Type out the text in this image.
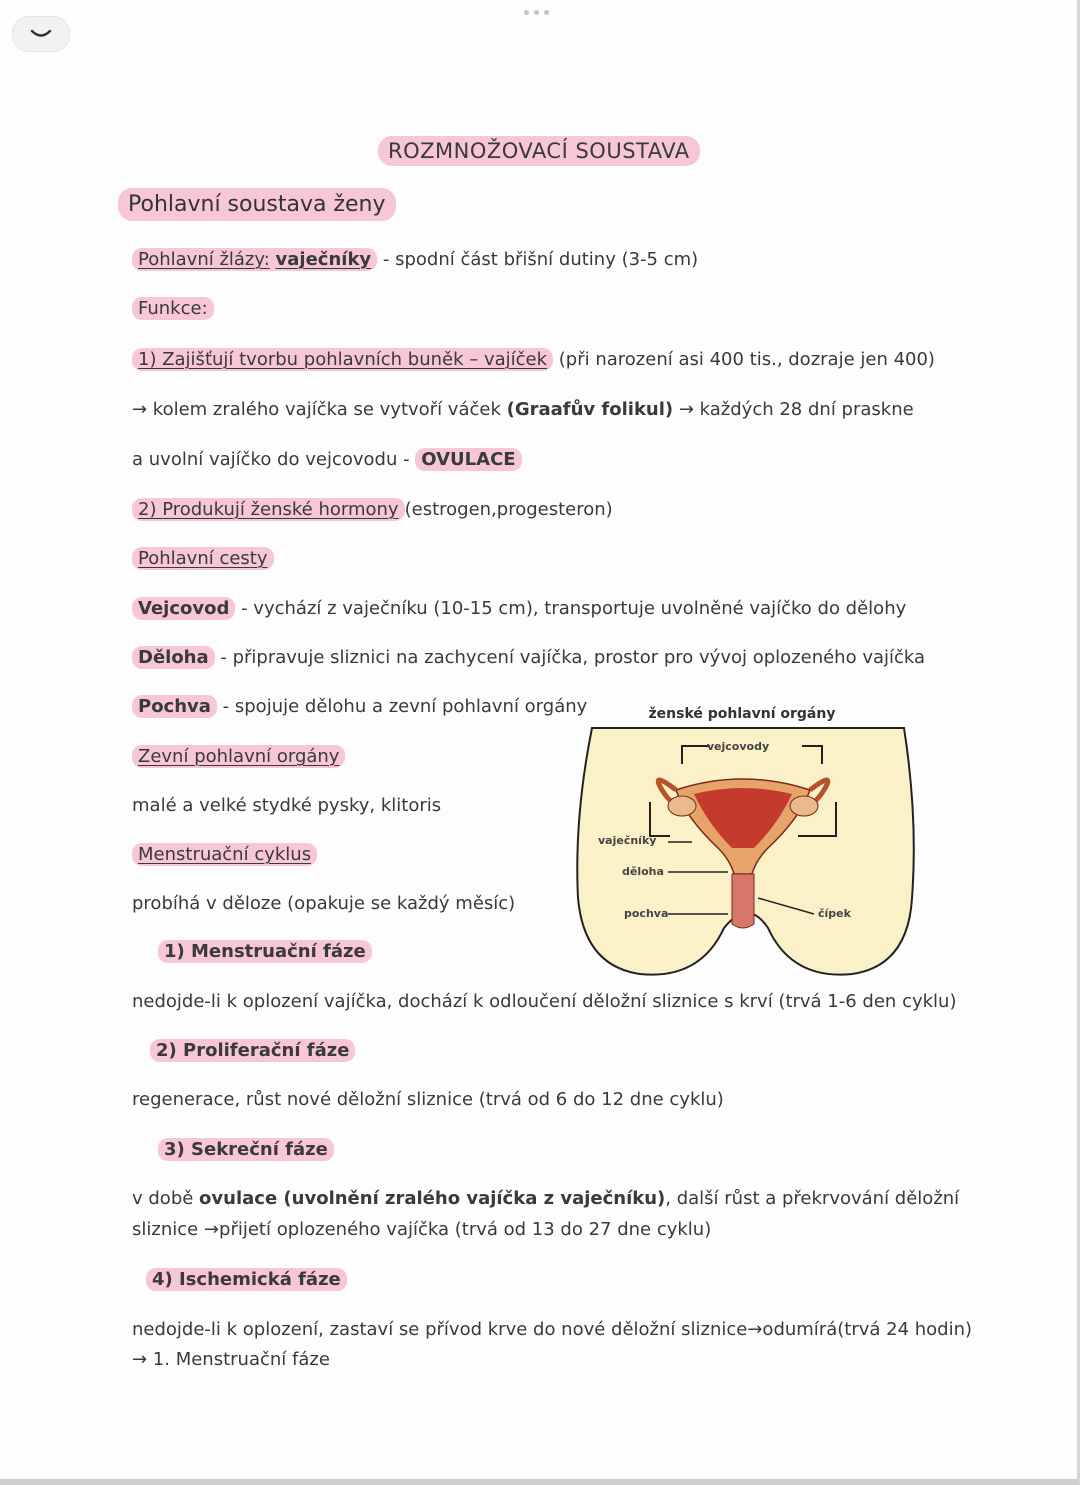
ROZMNOŽOVACÍ SOUSTAVA
Pohlavní soustava ženy
Pohlavní žlázy: vaječníky - spodní část břišní dutiny (3-5 cm)
Funkce:
1) Zajišťují tvorbu pohlavních buněk – vajíček (při narození asi 400 tis., dozraje jen 400)
→ kolem zralého vajíčka se vytvoří váček (Graafův folikul) → každých 28 dní praskne
a uvolní vajíčko do vejcovodu - OVULACE
2) Produkují ženské hormony (estrogen,progesteron)
Pohlavní cesty
Vejcovod - vychází z vaječníku (10-15 cm), transportuje uvolněné vajíčko do dělohy
Děloha - připravuje sliznici na zachycení vajíčka, prostor pro vývoj oplozeného vajíčka
Pochva - spojuje dělohu a zevní pohlavní orgány
Zevní pohlavní orgány
malé a velké stydké pysky, klitoris
Menstruační cyklus
probíhá v děloze (opakuje se každý měsíc)
1) Menstruační fáze
nedojde-li k oplození vajíčka, dochází k odloučení děložní sliznice s krví (trvá 1-6 den cyklu)
2) Proliferační fáze
regenerace, růst nové děložní sliznice (trvá od 6 do 12 dne cyklu)
3) Sekreční fáze
v době ovulace (uvolnění zralého vajíčka z vaječníku), další růst a překrvování děložní
sliznice →přijetí oplozeného vajíčka (trvá od 13 do 27 dne cyklu)
4) Ischemická fáze
nedojde-li k oplození, zastaví se přívod krve do nové děložní sliznice→odumírá(trvá 24 hodin)
→ 1. Menstruační fáze
ženské pohlavní orgány
vejcovody
vaječníky
děloha
pochva	čípek
